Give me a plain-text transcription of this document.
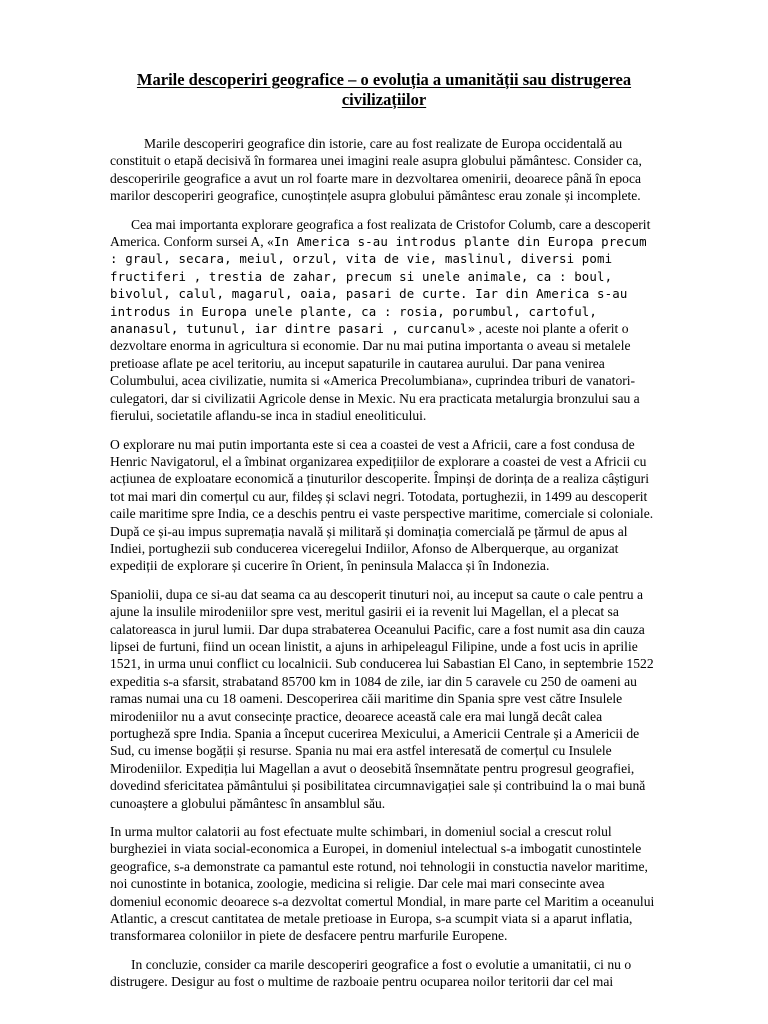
Marile descoperiri geografice – o evoluția a umanității sau distrugerea civilizațiilor

Marile descoperiri geografice din istorie, care au fost realizate de Europa occidentală au constituit o etapă decisivă în formarea unei imagini reale asupra globului pământesc. Consider ca, descoperirile geografice a avut un rol foarte mare in dezvoltarea omenirii, deoarece până în epoca marilor descoperiri geografice, cunoștințele asupra globului pământesc erau zonale și incomplete.

Cea mai importanta explorare geografica a fost realizata de Cristofor Columb, care a descoperit America. Conform sursei A, «In America s-au introdus plante din Europa precum : graul, secara, meiul, orzul, vita de vie, maslinul, diversi pomi fructiferi , trestia de zahar, precum si unele animale, ca : boul, bivolul, calul, magarul, oaia, pasari de curte. Iar din America s-au introdus in Europa unele plante, ca : rosia, porumbul, cartoful, ananasul, tutunul, iar dintre pasari , curcanul» , aceste noi plante a oferit o dezvoltare enorma in agricultura si economie. Dar nu mai putina importanta o aveau si metalele pretioase aflate pe acel teritoriu, au inceput sapaturile in cautarea aurului. Dar pana venirea Columbului, acea civilizatie, numita si «America Precolumbiana», cuprindea triburi de vanatori-culegatori, dar si civilizatii Agricole dense in Mexic. Nu era practicata metalurgia bronzului sau a fierului, societatile aflandu-se inca in stadiul eneoliticului.

O explorare nu mai putin importanta este si cea a coastei de vest a Africii, care a fost condusa de Henric Navigatorul, el a îmbinat organizarea expedițiilor de explorare a coastei de vest a Africii cu acțiunea de exploatare economică a ținuturilor descoperite. Împinși de dorința de a realiza câștiguri tot mai mari din comerțul cu aur, fildeș și sclavi negri. Totodata, portughezii, in 1499 au descoperit caile maritime spre India, ce a deschis pentru ei vaste perspective maritime, comerciale si coloniale. După ce și-au impus supremația navală și militară și dominația comercială pe țărmul de apus al Indiei, portughezii sub conducerea viceregelui Indiilor, Afonso de Alberquerque, au organizat expediții de explorare și cucerire în Orient, în peninsula Malacca și în Indonezia.

Spaniolii, dupa ce si-au dat seama ca au descoperit tinuturi noi, au inceput sa caute o cale pentru a ajune la insulile mirodeniilor spre vest, meritul gasirii ei ia revenit lui Magellan, el a plecat sa calatoreasca in jurul lumii. Dar dupa strabaterea Oceanului Pacific, care a fost numit asa din cauza lipsei de furtuni, fiind un ocean linistit, a ajuns in arhipeleagul Filipine, unde a fost ucis in aprilie 1521, in urma unui conflict cu localnicii. Sub conducerea lui Sabastian El Cano, in septembrie 1522 expeditia s-a sfarsit, strabatand 85700 km in 1084 de zile, iar din 5 caravele cu 250 de oameni au ramas numai una cu 18 oameni. Descoperirea căii maritime din Spania spre vest către Insulele mirodeniilor nu a avut consecințe practice, deoarece această cale era mai lungă decât calea portugheză spre India. Spania a început cucerirea Mexicului, a Americii Centrale și a Americii de Sud, cu imense bogății și resurse. Spania nu mai era astfel interesată de comerțul cu Insulele Mirodeniilor. Expediția lui Magellan a avut o deosebită însemnătate pentru progresul geografiei, dovedind sfericitatea pământului și posibilitatea circumnavigației sale și contribuind la o mai bună cunoaștere a globului pământesc în ansamblul său.

In urma multor calatorii au fost efectuate multe schimbari, in domeniul social a crescut rolul burgheziei in viata social-economica a Europei, in domeniul intelectual s-a imbogatit cunostintele geografice, s-a demonstrate ca pamantul este rotund, noi tehnologii in constuctia navelor maritime, noi cunostinte in botanica, zoologie, medicina si religie. Dar cele mai mari consecinte avea domeniul economic deoarece s-a dezvoltat comertul Mondial, in mare parte cel Maritim a oceanului Atlantic, a crescut cantitatea de metale pretioase in Europa, s-a scumpit viata si a aparut inflatia, transformarea coloniilor in piete de desfacere pentru marfurile Europene.

In concluzie, consider ca marile descoperiri geografice a fost o evolutie a umanitatii, ci nu o distrugere. Desigur au fost o multime de razboaie pentru ocuparea noilor teritorii dar cel mai
